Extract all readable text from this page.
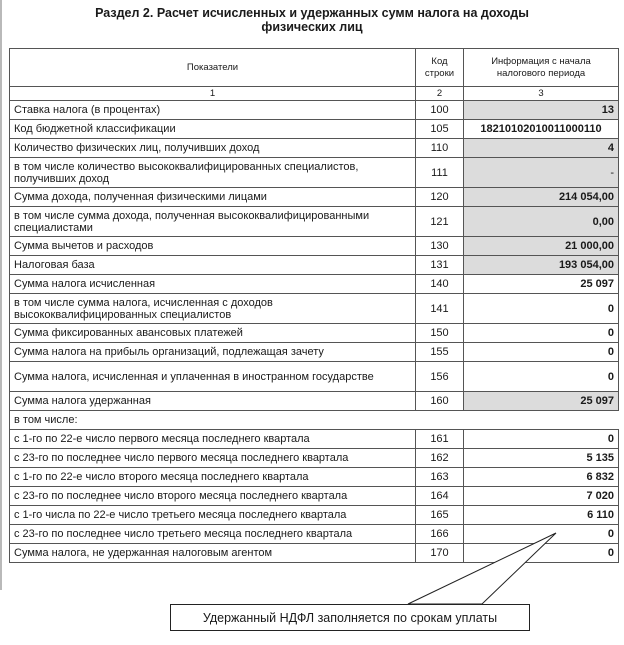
Раздел 2. Расчет исчисленных и удержанных сумм налога на доходы
физических лиц
Показатели	Код строки	Информация с начала налогового периода
1	2	3
Ставка налога (в процентах)	100	13
Код бюджетной классификации	105	18210102010011000110
Количество физических лиц, получивших доход	110	4
в том числе количество высококвалифицированных специалистов, получивших доход	111	-
Сумма дохода, полученная физическими лицами	120	214 054,00
в том числе сумма дохода, полученная высококвалифицированными специалистами	121	0,00
Сумма вычетов и расходов	130	21 000,00
Налоговая база	131	193 054,00
Сумма налога исчисленная	140	25 097
в том числе сумма налога, исчисленная с доходов высококвалифицированных специалистов	141	0
Сумма фиксированных авансовых платежей	150	0
Сумма налога на прибыль организаций, подлежащая зачету	155	0
Сумма налога, исчисленная и уплаченная в иностранном государстве	156	0
Сумма налога удержанная	160	25 097
в том числе:		
с 1-го по 22-е число первого месяца последнего квартала	161	0
с 23-го по последнее число первого месяца последнего квартала	162	5 135
с 1-го по 22-е число второго месяца последнего квартала	163	6 832
с 23-го по последнее число второго месяца последнего квартала	164	7 020
с 1-го числа по 22-е число третьего месяца последнего квартала	165	6 110
с 23-го по последнее число третьего месяца последнего квартала	166	0
Сумма налога, не удержанная налоговым агентом	170	0
Удержанный НДФЛ заполняется по срокам уплаты
